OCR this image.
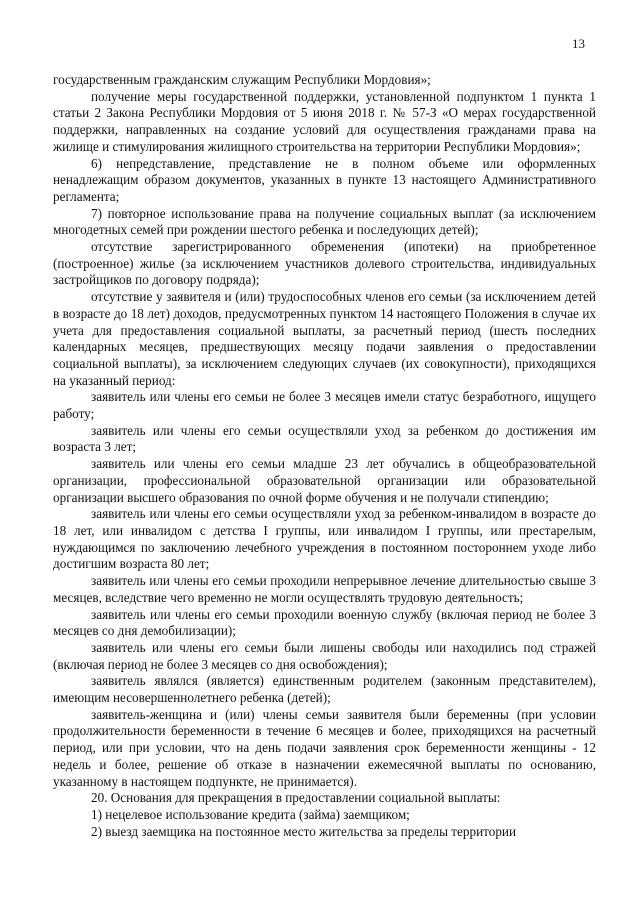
13

государственным гражданским служащим Республики Мордовия»;

получение меры государственной поддержки, установленной подпунктом 1 пункта 1 статьи 2 Закона Республики Мордовия от 5 июня 2018 г. № 57-З «О мерах государственной поддержки, направленных на создание условий для осуществления гражданами права на жилище и стимулирования жилищного строительства на территории Республики Мордовия»;

6) непредставление, представление не в полном объеме или оформленных ненадлежащим образом документов, указанных в пункте 13 настоящего Административного регламента;

7) повторное использование права на получение социальных выплат (за исключением многодетных семей при рождении шестого ребенка и последующих детей);

отсутствие зарегистрированного обременения (ипотеки) на приобретенное (построенное) жилье (за исключением участников долевого строительства, индивидуальных застройщиков по договору подряда);

отсутствие у заявителя и (или) трудоспособных членов его семьи (за исключением детей в возрасте до 18 лет) доходов, предусмотренных пунктом 14 настоящего Положения в случае их учета для предоставления социальной выплаты, за расчетный период (шесть последних календарных месяцев, предшествующих месяцу подачи заявления о предоставлении социальной выплаты), за исключением следующих случаев (их совокупности), приходящихся на указанный период:

заявитель или члены его семьи не более 3 месяцев имели статус безработного, ищущего работу;

заявитель или члены его семьи осуществляли уход за ребенком до достижения им возраста 3 лет;

заявитель или члены его семьи младше 23 лет обучались в общеобразовательной организации, профессиональной образовательной организации или образовательной организации высшего образования по очной форме обучения и не получали стипендию;

заявитель или члены его семьи осуществляли уход за ребенком-инвалидом в возрасте до 18 лет, или инвалидом с детства I группы, или инвалидом I группы, или престарелым, нуждающимся по заключению лечебного учреждения в постоянном постороннем уходе либо достигшим возраста 80 лет;

заявитель или члены его семьи проходили непрерывное лечение длительностью свыше 3 месяцев, вследствие чего временно не могли осуществлять трудовую деятельность;

заявитель или члены его семьи проходили военную службу (включая период не более 3 месяцев со дня демобилизации);

заявитель или члены его семьи были лишены свободы или находились под стражей (включая период не более 3 месяцев со дня освобождения);

заявитель являлся (является) единственным родителем (законным представителем), имеющим несовершеннолетнего ребенка (детей);

заявитель-женщина и (или) члены семьи заявителя были беременны (при условии продолжительности беременности в течение 6 месяцев и более, приходящихся на расчетный период, или при условии, что на день подачи заявления срок беременности женщины - 12 недель и более, решение об отказе в назначении ежемесячной выплаты по основанию, указанному в настоящем подпункте, не принимается).

20. Основания для прекращения в предоставлении социальной выплаты:

1) нецелевое использование кредита (займа) заемщиком;

2) выезд заемщика на постоянное место жительства за пределы территории
